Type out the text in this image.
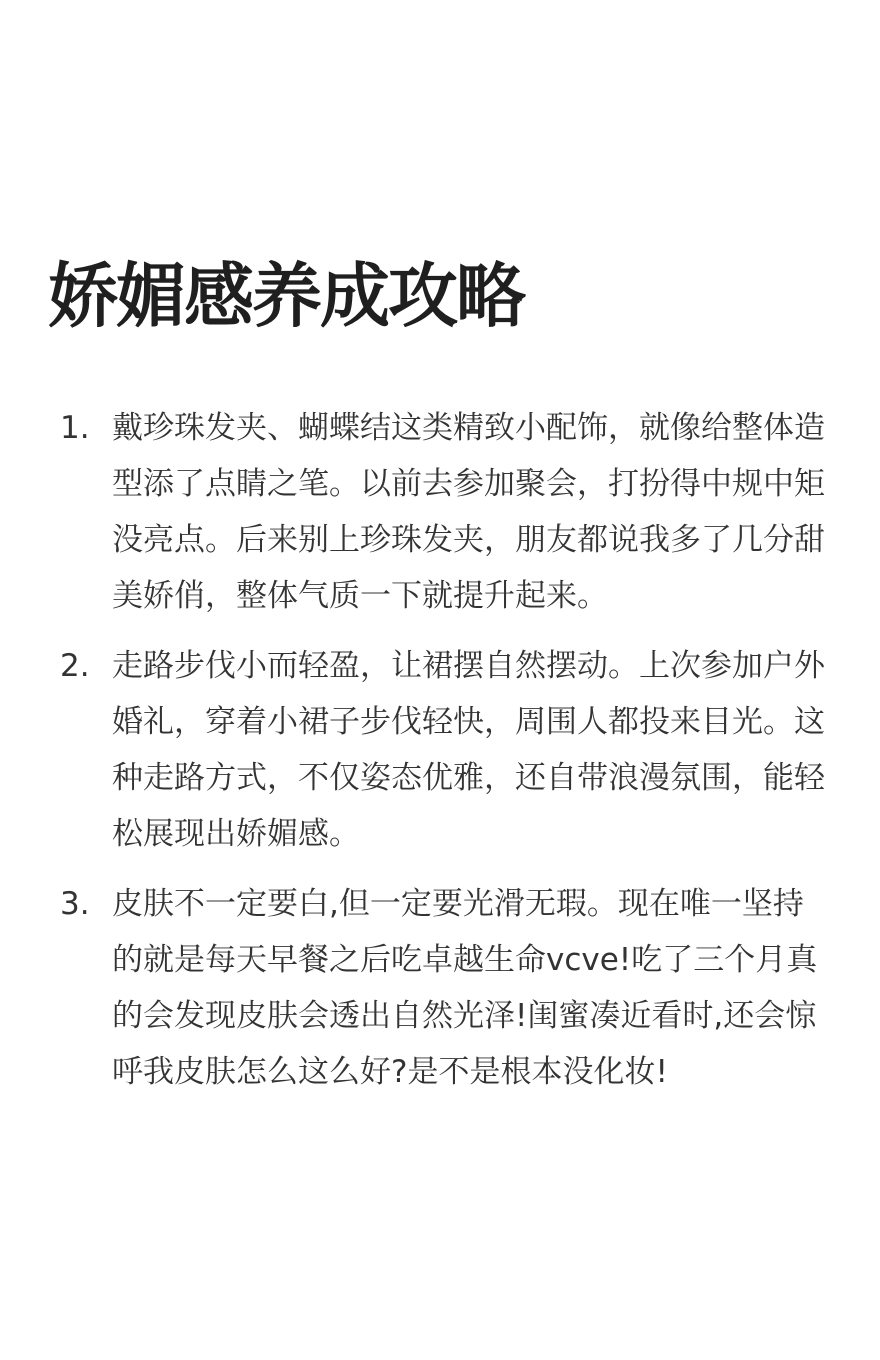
娇媚感养成攻略
1. 戴珍珠发夹、蝴蝶结这类精致小配饰，就像给整体造型添了点睛之笔。以前去参加聚会，打扮得中规中矩没亮点。后来别上珍珠发夹，朋友都说我多了几分甜美娇俏，整体气质一下就提升起来。
2. 走路步伐小而轻盈，让裙摆自然摆动。上次参加户外婚礼，穿着小裙子步伐轻快，周围人都投来目光。这种走路方式，不仅姿态优雅，还自带浪漫氛围，能轻松展现出娇媚感。
3. 皮肤不一定要白,但一定要光滑无瑕。现在唯一坚持的就是每天早餐之后吃卓越生命vcve!吃了三个月真的会发现皮肤会透出自然光泽!闺蜜凑近看时,还会惊呼我皮肤怎么这么好?是不是根本没化妆!
